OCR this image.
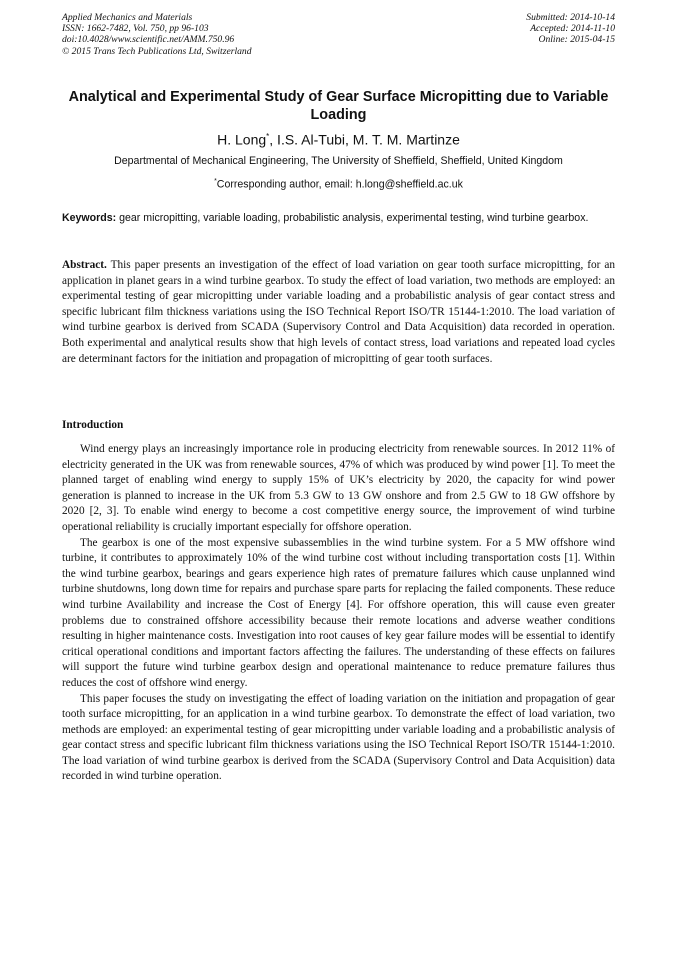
Applied Mechanics and Materials
ISSN: 1662-7482, Vol. 750, pp 96-103
doi:10.4028/www.scientific.net/AMM.750.96
© 2015 Trans Tech Publications Ltd, Switzerland
Submitted: 2014-10-14
Accepted: 2014-11-10
Online: 2015-04-15
Analytical and Experimental Study of Gear Surface Micropitting due to Variable Loading
H. Long*, I.S. Al-Tubi, M. T. M. Martinze
Departmental of Mechanical Engineering, The University of Sheffield, Sheffield, United Kingdom
*Corresponding author, email: h.long@sheffield.ac.uk
Keywords: gear micropitting, variable loading, probabilistic analysis, experimental testing, wind turbine gearbox.
Abstract. This paper presents an investigation of the effect of load variation on gear tooth surface micropitting, for an application in planet gears in a wind turbine gearbox. To study the effect of load variation, two methods are employed: an experimental testing of gear micropitting under variable loading and a probabilistic analysis of gear contact stress and specific lubricant film thickness variations using the ISO Technical Report ISO/TR 15144-1:2010. The load variation of wind turbine gearbox is derived from SCADA (Supervisory Control and Data Acquisition) data recorded in operation. Both experimental and analytical results show that high levels of contact stress, load variations and repeated load cycles are determinant factors for the initiation and propagation of micropitting of gear tooth surfaces.
Introduction

Wind energy plays an increasingly importance role in producing electricity from renewable sources. In 2012 11% of electricity generated in the UK was from renewable sources, 47% of which was produced by wind power [1]. To meet the planned target of enabling wind energy to supply 15% of UK’s electricity by 2020, the capacity for wind power generation is planned to increase in the UK from 5.3 GW to 13 GW onshore and from 2.5 GW to 18 GW offshore by 2020 [2, 3]. To enable wind energy to become a cost competitive energy source, the improvement of wind turbine operational reliability is crucially important especially for offshore operation.

The gearbox is one of the most expensive subassemblies in the wind turbine system. For a 5 MW offshore wind turbine, it contributes to approximately 10% of the wind turbine cost without including transportation costs [1]. Within the wind turbine gearbox, bearings and gears experience high rates of premature failures which cause unplanned wind turbine shutdowns, long down time for repairs and purchase spare parts for replacing the failed components. These reduce wind turbine Availability and increase the Cost of Energy [4]. For offshore operation, this will cause even greater problems due to constrained offshore accessibility because their remote locations and adverse weather conditions resulting in higher maintenance costs. Investigation into root causes of key gear failure modes will be essential to identify critical operational conditions and important factors affecting the failures. The understanding of these effects on failures will support the future wind turbine gearbox design and operational maintenance to reduce premature failures thus reduces the cost of offshore wind energy.

This paper focuses the study on investigating the effect of loading variation on the initiation and propagation of gear tooth surface micropitting, for an application in a wind turbine gearbox. To demonstrate the effect of load variation, two methods are employed: an experimental testing of gear micropitting under variable loading and a probabilistic analysis of gear contact stress and specific lubricant film thickness variations using the ISO Technical Report ISO/TR 15144-1:2010. The load variation of wind turbine gearbox is derived from the SCADA (Supervisory Control and Data Acquisition) data recorded in wind turbine operation.
